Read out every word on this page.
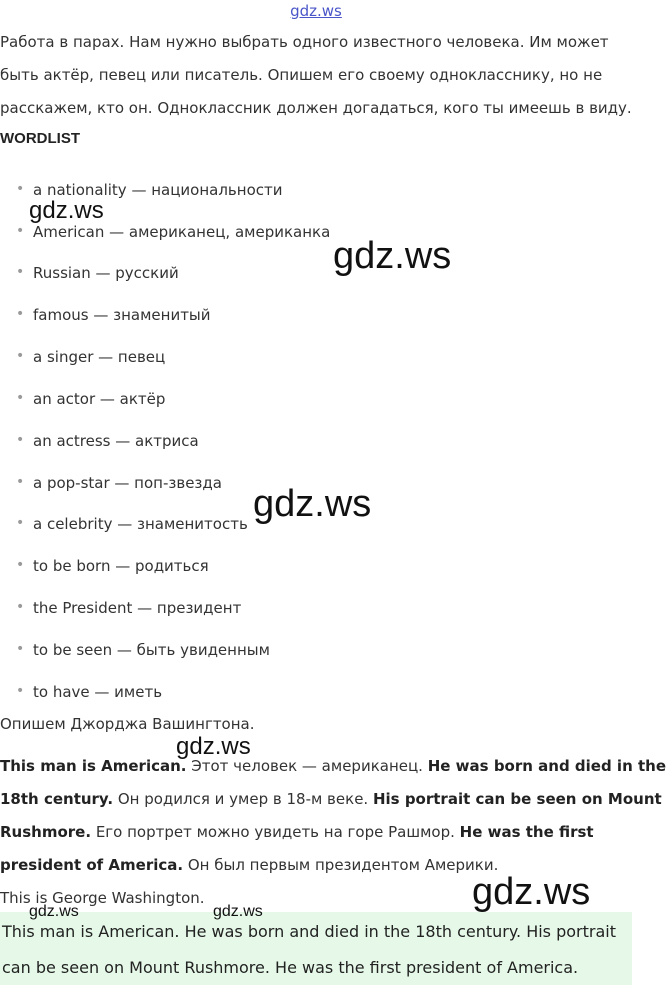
gdz.ws
Работа в парах. Нам нужно выбрать одного известного человека. Им может
быть актёр, певец или писатель. Опишем его своему однокласснику, но не
расскажем, кто он. Одноклассник должен догадаться, кого ты имеешь в виду.
WORDLIST
• a nationality — национальности
• American — американец, американка
• Russian — русский
• famous — знаменитый
• a singer — певец
• an actor — актёр
• an actress — актриса
• a pop-star — поп-звезда
• a celebrity — знаменитость
• to be born — родиться
• the President — президент
• to be seen — быть увиденным
• to have — иметь
Опишем Джорджа Вашингтона.
This man is American. Этот человек — американец. He was born and died in the
18th century. Он родился и умер в 18-м веке. His portrait can be seen on Mount
Rushmore. Его портрет можно увидеть на горе Рашмор. He was the first
president of America. Он был первым президентом Америки.
This is George Washington.
This man is American. He was born and died in the 18th century. His portrait
can be seen on Mount Rushmore. He was the first president of America.
gdz.ws
gdz.ws
gdz.ws
gdz.ws
gdz.ws
gdz.ws	gdz.ws
